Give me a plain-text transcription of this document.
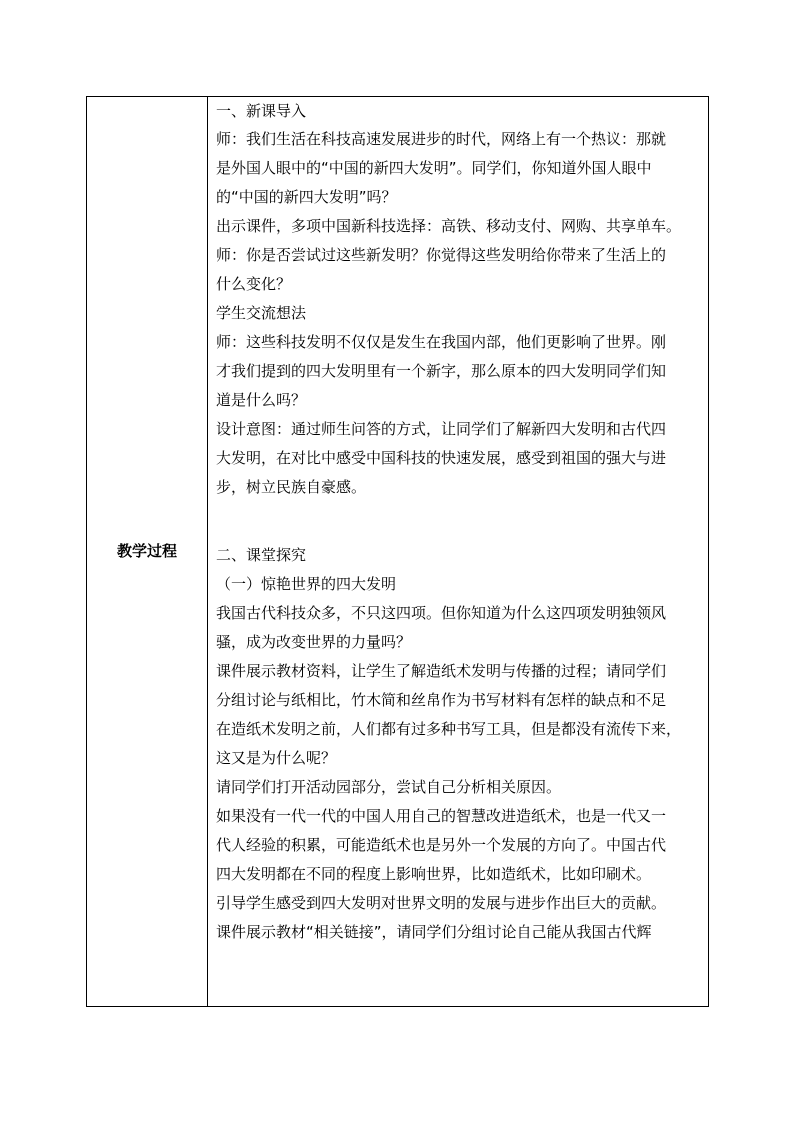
教学过程

一、新课导入

师：我们生活在科技高速发展进步的时代，网络上有一个热议：那就

是外国人眼中的“中国的新四大发明”。同学们，你知道外国人眼中

的“中国的新四大发明”吗？

出示课件，多项中国新科技选择：高铁、移动支付、网购、共享单车。

师：你是否尝试过这些新发明？你觉得这些发明给你带来了生活上的

什么变化？

学生交流想法

师：这些科技发明不仅仅是发生在我国内部，他们更影响了世界。刚

才我们提到的四大发明里有一个新字，那么原本的四大发明同学们知

道是什么吗？

设计意图：通过师生问答的方式，让同学们了解新四大发明和古代四

大发明，在对比中感受中国科技的快速发展，感受到祖国的强大与进

步，树立民族自豪感。

二、课堂探究

（一）惊艳世界的四大发明

我国古代科技众多，不只这四项。但你知道为什么这四项发明独领风

骚，成为改变世界的力量吗？

课件展示教材资料，让学生了解造纸术发明与传播的过程；请同学们

分组讨论与纸相比，竹木简和丝帛作为书写材料有怎样的缺点和不足

在造纸术发明之前，人们都有过多种书写工具，但是都没有流传下来，

这又是为什么呢？

请同学们打开活动园部分，尝试自己分析相关原因。

如果没有一代一代的中国人用自己的智慧改进造纸术，也是一代又一

代人经验的积累，可能造纸术也是另外一个发展的方向了。中国古代

四大发明都在不同的程度上影响世界，比如造纸术，比如印刷术。

引导学生感受到四大发明对世界文明的发展与进步作出巨大的贡献。

课件展示教材“相关链接”，请同学们分组讨论自己能从我国古代辉
